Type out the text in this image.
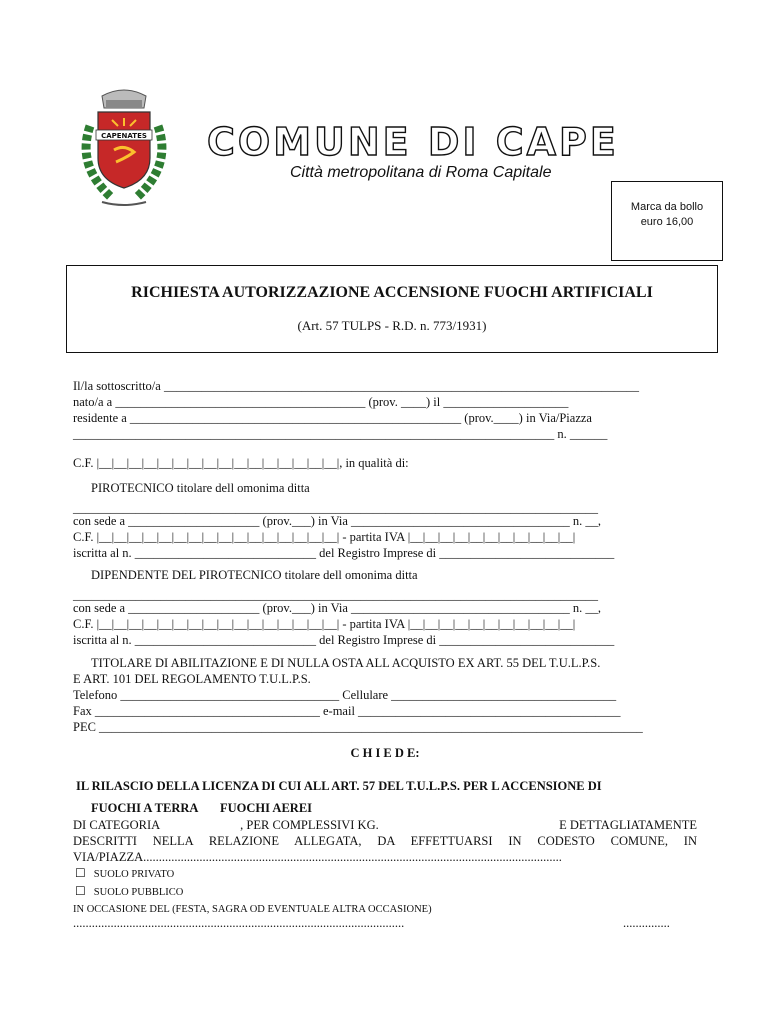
CAPENATES COMUNE DI CAPE
Città metropolitana di Roma Capitale
Marca da bollo
euro 16,00
RICHIESTA AUTORIZZAZIONE ACCENSIONE FUOCHI ARTIFICIALI
(Art. 57 TULPS - R.D. n. 773/1931)
Il/la sottoscritto/a ____________________________________________________________________________
nato/a a ________________________________________ (prov. ____) il ____________________
residente a _____________________________________________________ (prov.____) in Via/Piazza
_____________________________________________________________________________ n. ______
C.F. |__|__|__|__|__|__|__|__|__|__|__|__|__|__|__|__|, in qualità di:
PIROTECNICO titolare dell omonima ditta
____________________________________________________________________________________
con sede a _____________________ (prov.___) in Via ___________________________________ n. __,
C.F. |__|__|__|__|__|__|__|__|__|__|__|__|__|__|__|__| - partita IVA |__|__|__|__|__|__|__|__|__|__|__|
iscritta al n. _____________________________ del Registro Imprese di ____________________________
DIPENDENTE DEL PIROTECNICO titolare dell omonima ditta
____________________________________________________________________________________
con sede a _____________________ (prov.___) in Via ___________________________________ n. __,
C.F. |__|__|__|__|__|__|__|__|__|__|__|__|__|__|__|__| - partita IVA |__|__|__|__|__|__|__|__|__|__|__|
iscritta al n. _____________________________ del Registro Imprese di ____________________________
TITOLARE DI ABILITAZIONE E DI NULLA OSTA ALL ACQUISTO EX ART. 55 DEL T.U.L.P.S.
E ART. 101 DEL REGOLAMENTO T.U.L.P.S.
Telefono ___________________________________ Cellulare ____________________________________
Fax ____________________________________ e-mail __________________________________________
PEC _______________________________________________________________________________________
C H I E D E:
IL RILASCIO DELLA LICENZA DI CUI ALL ART. 57 DEL T.U.L.P.S. PER L ACCENSIONE DI
FUOCHI A TERRA FUOCHI AEREI
DI CATEGORIA	, PER COMPLESSIVI KG.	E DETTAGLIATAMENTE
DESCRITTI NELLA RELAZIONE ALLEGATA, DA EFFETTUARSI IN CODESTO COMUNE, IN
VIA/PIAZZA......................................................................................................................................
☐ SUOLO PRIVATO
☐ SUOLO PUBBLICO
IN OCCASIONE DEL (FESTA, SAGRA OD EVENTUALE ALTRA OCCASIONE)
..........................................................................................................	...............
